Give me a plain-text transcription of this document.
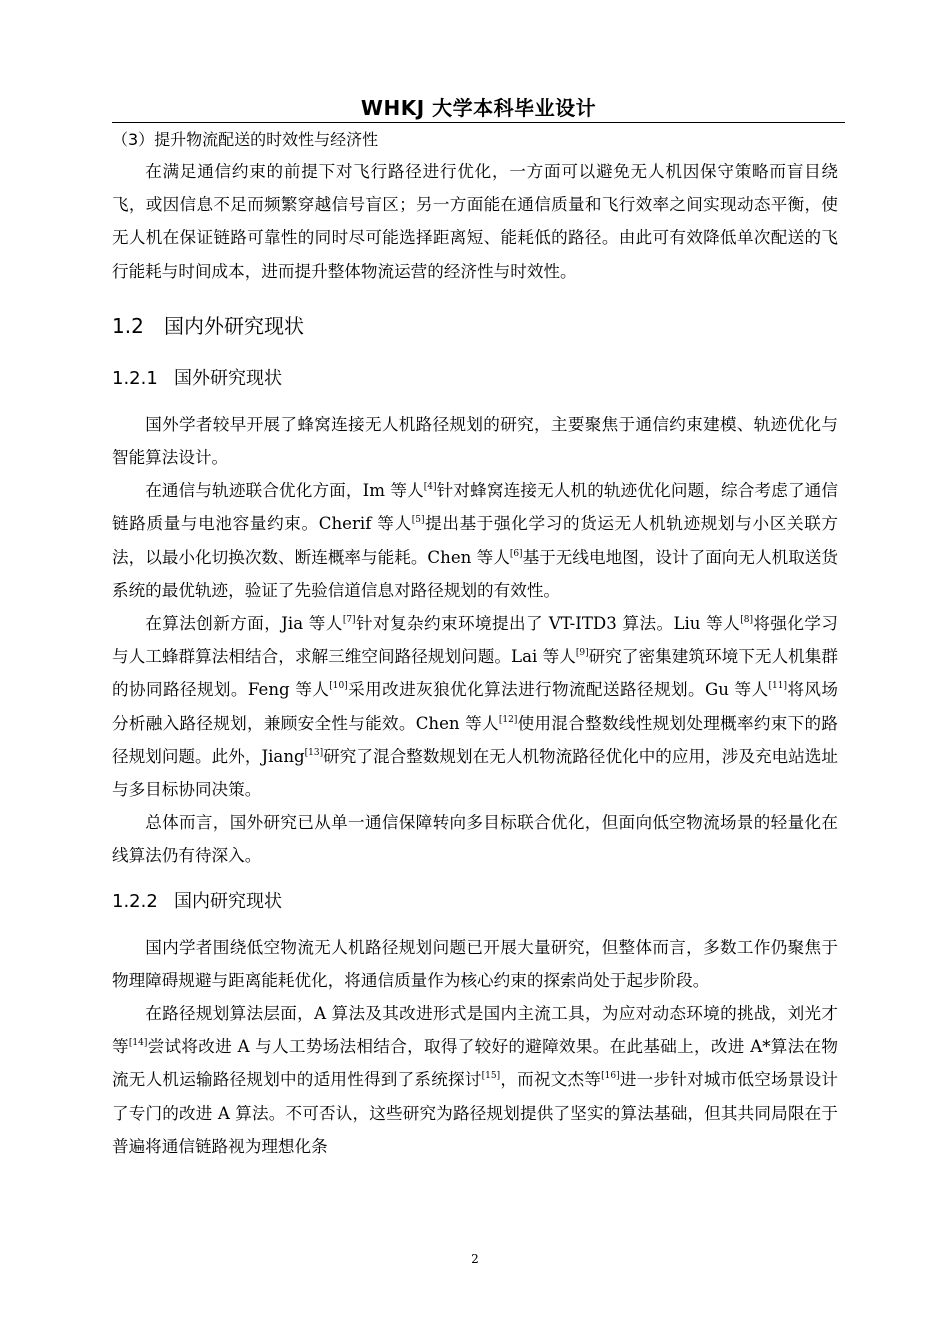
WHKJ 大学本科毕业设计

（3）提升物流配送的时效性与经济性

在满足通信约束的前提下对飞行路径进行优化，一方面可以避免无人机因保守策略而盲目绕飞，或因信息不足而频繁穿越信号盲区；另一方面能在通信质量和飞行效率之间实现动态平衡，使无人机在保证链路可靠性的同时尽可能选择距离短、能耗低的路径。由此可有效降低单次配送的飞行能耗与时间成本，进而提升整体物流运营的经济性与时效性。

1.2 国内外研究现状

1.2.1 国外研究现状

国外学者较早开展了蜂窝连接无人机路径规划的研究，主要聚焦于通信约束建模、轨迹优化与智能算法设计。

在通信与轨迹联合优化方面，Im 等人[4]针对蜂窝连接无人机的轨迹优化问题，综合考虑了通信链路质量与电池容量约束。Cherif 等人[5]提出基于强化学习的货运无人机轨迹规划与小区关联方法，以最小化切换次数、断连概率与能耗。Chen 等人[6]基于无线电地图，设计了面向无人机取送货系统的最优轨迹，验证了先验信道信息对路径规划的有效性。

在算法创新方面，Jia 等人[7]针对复杂约束环境提出了 VT-ITD3 算法。Liu 等人[8]将强化学习与人工蜂群算法相结合，求解三维空间路径规划问题。Lai 等人[9]研究了密集建筑环境下无人机集群的协同路径规划。Feng 等人[10]采用改进灰狼优化算法进行物流配送路径规划。Gu 等人[11]将风场分析融入路径规划，兼顾安全性与能效。Chen 等人[12]使用混合整数线性规划处理概率约束下的路径规划问题。此外，Jiang[13]研究了混合整数规划在无人机物流路径优化中的应用，涉及充电站选址与多目标协同决策。

总体而言，国外研究已从单一通信保障转向多目标联合优化，但面向低空物流场景的轻量化在线算法仍有待深入。

1.2.2 国内研究现状

国内学者围绕低空物流无人机路径规划问题已开展大量研究，但整体而言，多数工作仍聚焦于物理障碍规避与距离能耗优化，将通信质量作为核心约束的探索尚处于起步阶段。

在路径规划算法层面，A 算法及其改进形式是国内主流工具，为应对动态环境的挑战，刘光才等[14]尝试将改进 A 与人工势场法相结合，取得了较好的避障效果。在此基础上，改进 A*算法在物流无人机运输路径规划中的适用性得到了系统探讨[15]，而祝文杰等[16]进一步针对城市低空场景设计了专门的改进 A 算法。不可否认，这些研究为路径规划提供了坚实的算法基础，但其共同局限在于普遍将通信链路视为理想化条

2
